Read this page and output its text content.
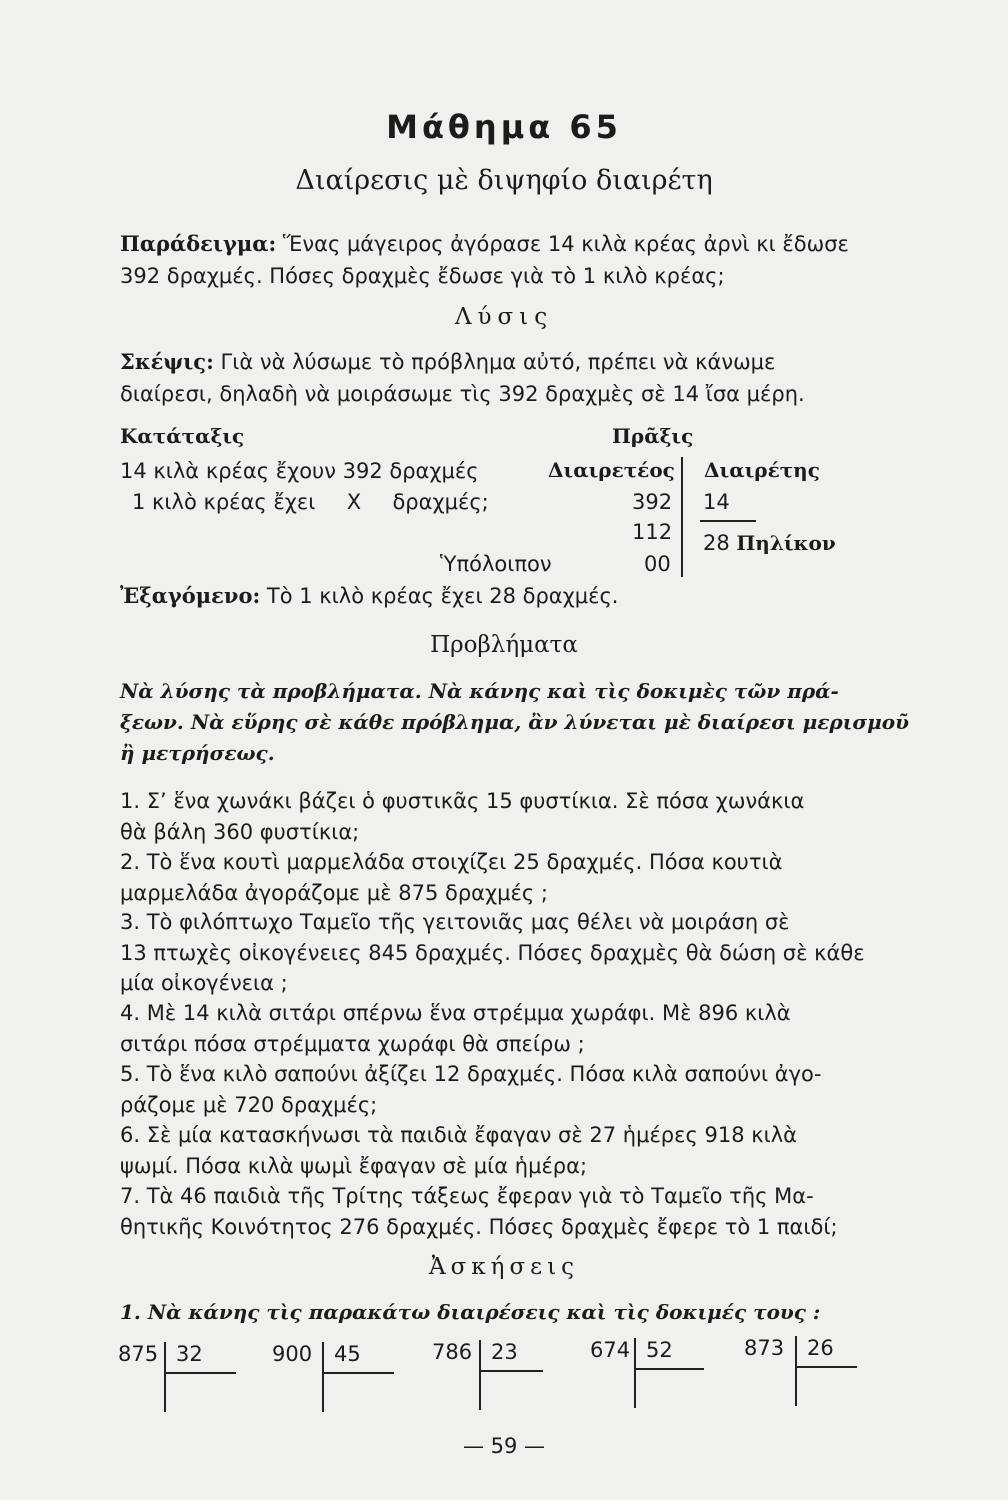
Μάθημα 65
Διαίρεσις μὲ διψηφίο διαιρέτη
Παράδειγμα: Ἕνας μάγειρος ἀγόρασε 14 κιλὰ κρέας ἀρνὶ κι ἔδωσε
392 δραχμές. Πόσες δραχμὲς ἔδωσε γιὰ τὸ 1 κιλὸ κρέας;
Λύσις
Σκέψις: Γιὰ νὰ λύσωμε τὸ πρόβλημα αὐτό, πρέπει νὰ κάνωμε
διαίρεσι, δηλαδὴ νὰ μοιράσωμε τὶς 392 δραχμὲς σὲ 14 ἴσα μέρη.
Κατάταξις
14 κιλὰ κρέας ἔχουν 392 δραχμές
1 κιλὸ κρέας ἔχει X δραχμές;
Πρᾶξις
Διαιρετέος Διαιρέτης
392 14
112 28 Πηλίκον
Ὑπόλοιπον	00
Ἐξαγόμενο: Τὸ 1 κιλὸ κρέας ἔχει 28 δραχμές.
Προβλήματα
Νὰ λύσης τὰ προβλήματα. Νὰ κάνης καὶ τὶς δοκιμὲς τῶν πρά-
ξεων. Νὰ εὕρης σὲ κάθε πρόβλημα, ἂν λύνεται μὲ διαίρεσι μερισμοῦ
ἢ μετρήσεως.
1. Σ’ ἕνα χωνάκι βάζει ὁ φυστικᾶς 15 φυστίκια. Σὲ πόσα χωνάκια
θὰ βάλη 360 φυστίκια;
2. Τὸ ἕνα κουτὶ μαρμελάδα στοιχίζει 25 δραχμές. Πόσα κουτιὰ
μαρμελάδα ἀγοράζομε μὲ 875 δραχμές ;
3. Τὸ φιλόπτωχο Ταμεῖο τῆς γειτονιᾶς μας θέλει νὰ μοιράση σὲ
13 πτωχὲς οἰκογένειες 845 δραχμές. Πόσες δραχμὲς θὰ δώση σὲ κάθε
μία οἰκογένεια ;
4. Μὲ 14 κιλὰ σιτάρι σπέρνω ἕνα στρέμμα χωράφι. Μὲ 896 κιλὰ
σιτάρι πόσα στρέμματα χωράφι θὰ σπείρω ;
5. Τὸ ἕνα κιλὸ σαπούνι ἀξίζει 12 δραχμές. Πόσα κιλὰ σαπούνι ἀγο-
ράζομε μὲ 720 δραχμές;
6. Σὲ μία κατασκήνωσι τὰ παιδιὰ ἔφαγαν σὲ 27 ἡμέρες 918 κιλὰ
ψωμί. Πόσα κιλὰ ψωμὶ ἔφαγαν σὲ μία ἡμέρα;
7. Τὰ 46 παιδιὰ τῆς Τρίτης τάξεως ἔφεραν γιὰ τὸ Ταμεῖο τῆς Μα-
θητικῆς Κοινότητος 276 δραχμές. Πόσες δραχμὲς ἔφερε τὸ 1 παιδί;
Ἀσκήσεις
1. Νὰ κάνης τὶς παρακάτω διαιρέσεις καὶ τὶς δοκιμές τους :
875 32	900 45	786 23	674 52	873 26
— 59 —
